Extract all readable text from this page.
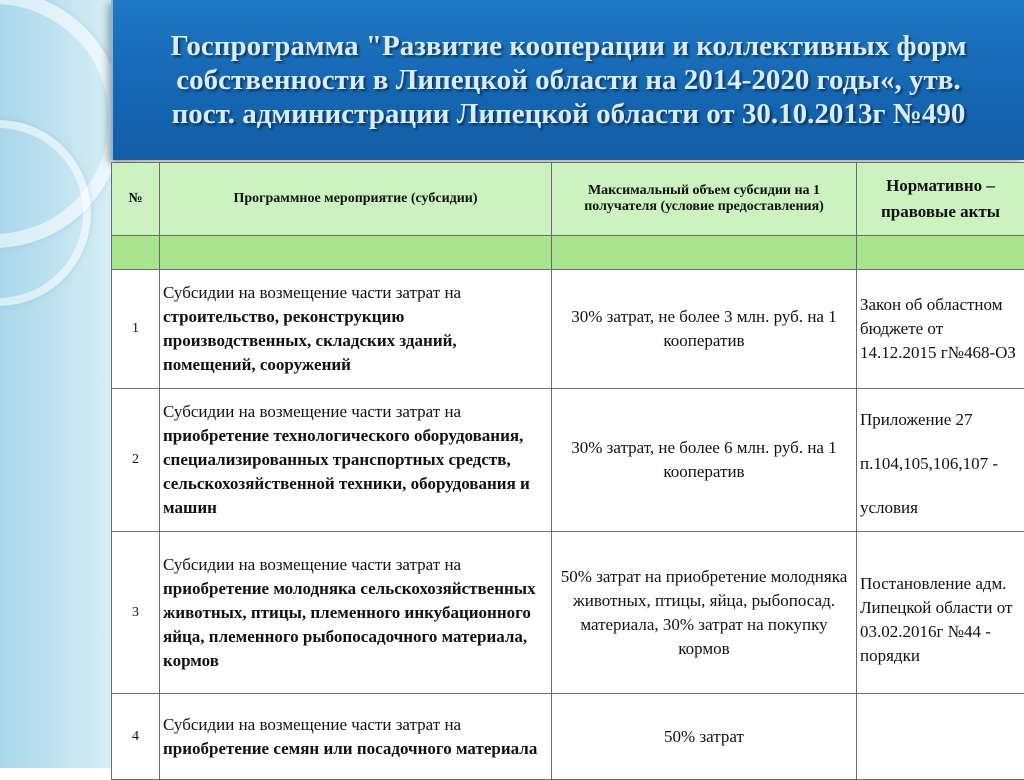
Госпрограмма "Развитие кооперации и коллективных форм собственности в Липецкой области на 2014-2020 годы«, утв. пост. администрации Липецкой области от 30.10.2013г №490
№	Программное мероприятие (субсидии)	Максимальный объем субсидии на 1 получателя (условие предоставления)	Нормативно – правовые акты

1	Субсидии на возмещение части затрат на строительство, реконструкцию производственных, складских зданий, помещений, сооружений	30% затрат, не более 3 млн. руб. на 1 кооператив	Закон об областном бюджете от 14.12.2015 г№468-ОЗ

2	Субсидии на возмещение части затрат на приобретение технологического оборудования, специализированных транспортных средств, сельскохозяйственной техники, оборудования и машин	30% затрат, не более 6 млн. руб. на 1 кооператив	Приложение 27
п.104,105,106,107 -
условия

3	Субсидии на возмещение части затрат на приобретение молодняка сельскохозяйственных животных, птицы, племенного инкубационного яйца, племенного рыбопосадочного материала, кормов	50% затрат на приобретение молодняка животных, птицы, яйца, рыбопосад. материала, 30% затрат на покупку кормов	Постановление адм. Липецкой области от 03.02.2016г №44 - порядки

4	Субсидии на возмещение части затрат на приобретение семян или посадочного материала	50% затрат	
